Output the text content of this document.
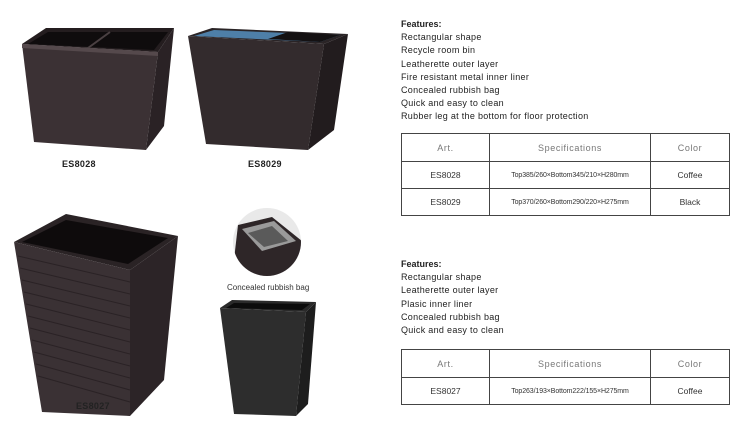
ES8028	ES8029
ES8027
Concealed rubbish bag
Features:
Rectangular shape
Recycle room bin
Leatherette outer layer
Fire resistant metal inner liner
Concealed rubbish bag
Quick and easy to clean
Rubber leg at the bottom for floor protection
Art.	Specifications	Color
ES8028	Top385/260×Bottom345/210×H280mm	Coffee
ES8029	Top370/260×Bottom290/220×H275mm	Black
Features:
Rectangular shape
Leatherette outer layer
Plasic inner liner
Concealed rubbish bag
Quick and easy to clean
Art.	Specifications	Color
ES8027	Top263/193×Bottom222/155×H275mm	Coffee
